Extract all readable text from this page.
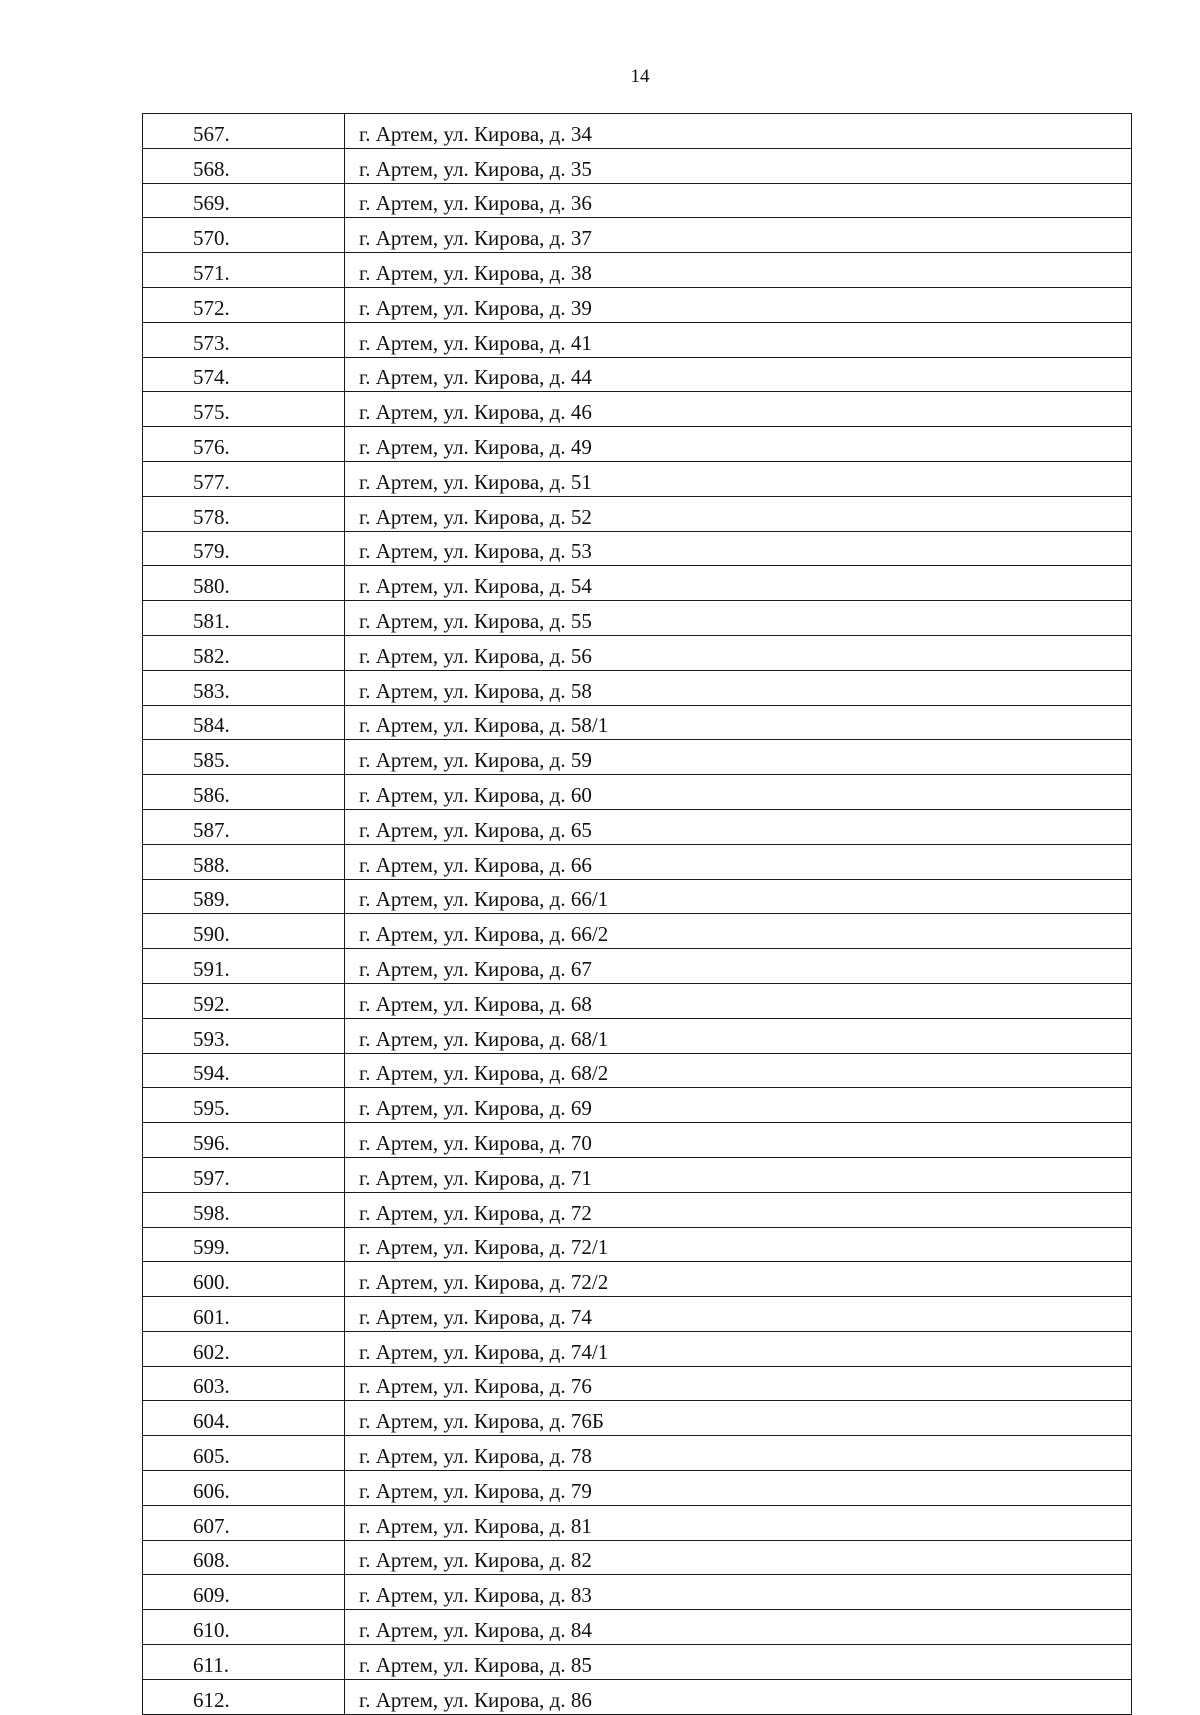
14
567.	г. Артем, ул. Кирова, д. 34
568.	г. Артем, ул. Кирова, д. 35
569.	г. Артем, ул. Кирова, д. 36
570.	г. Артем, ул. Кирова, д. 37
571.	г. Артем, ул. Кирова, д. 38
572.	г. Артем, ул. Кирова, д. 39
573.	г. Артем, ул. Кирова, д. 41
574.	г. Артем, ул. Кирова, д. 44
575.	г. Артем, ул. Кирова, д. 46
576.	г. Артем, ул. Кирова, д. 49
577.	г. Артем, ул. Кирова, д. 51
578.	г. Артем, ул. Кирова, д. 52
579.	г. Артем, ул. Кирова, д. 53
580.	г. Артем, ул. Кирова, д. 54
581.	г. Артем, ул. Кирова, д. 55
582.	г. Артем, ул. Кирова, д. 56
583.	г. Артем, ул. Кирова, д. 58
584.	г. Артем, ул. Кирова, д. 58/1
585.	г. Артем, ул. Кирова, д. 59
586.	г. Артем, ул. Кирова, д. 60
587.	г. Артем, ул. Кирова, д. 65
588.	г. Артем, ул. Кирова, д. 66
589.	г. Артем, ул. Кирова, д. 66/1
590.	г. Артем, ул. Кирова, д. 66/2
591.	г. Артем, ул. Кирова, д. 67
592.	г. Артем, ул. Кирова, д. 68
593.	г. Артем, ул. Кирова, д. 68/1
594.	г. Артем, ул. Кирова, д. 68/2
595.	г. Артем, ул. Кирова, д. 69
596.	г. Артем, ул. Кирова, д. 70
597.	г. Артем, ул. Кирова, д. 71
598.	г. Артем, ул. Кирова, д. 72
599.	г. Артем, ул. Кирова, д. 72/1
600.	г. Артем, ул. Кирова, д. 72/2
601.	г. Артем, ул. Кирова, д. 74
602.	г. Артем, ул. Кирова, д. 74/1
603.	г. Артем, ул. Кирова, д. 76
604.	г. Артем, ул. Кирова, д. 76Б
605.	г. Артем, ул. Кирова, д. 78
606.	г. Артем, ул. Кирова, д. 79
607.	г. Артем, ул. Кирова, д. 81
608.	г. Артем, ул. Кирова, д. 82
609.	г. Артем, ул. Кирова, д. 83
610.	г. Артем, ул. Кирова, д. 84
611.	г. Артем, ул. Кирова, д. 85
612.	г. Артем, ул. Кирова, д. 86
